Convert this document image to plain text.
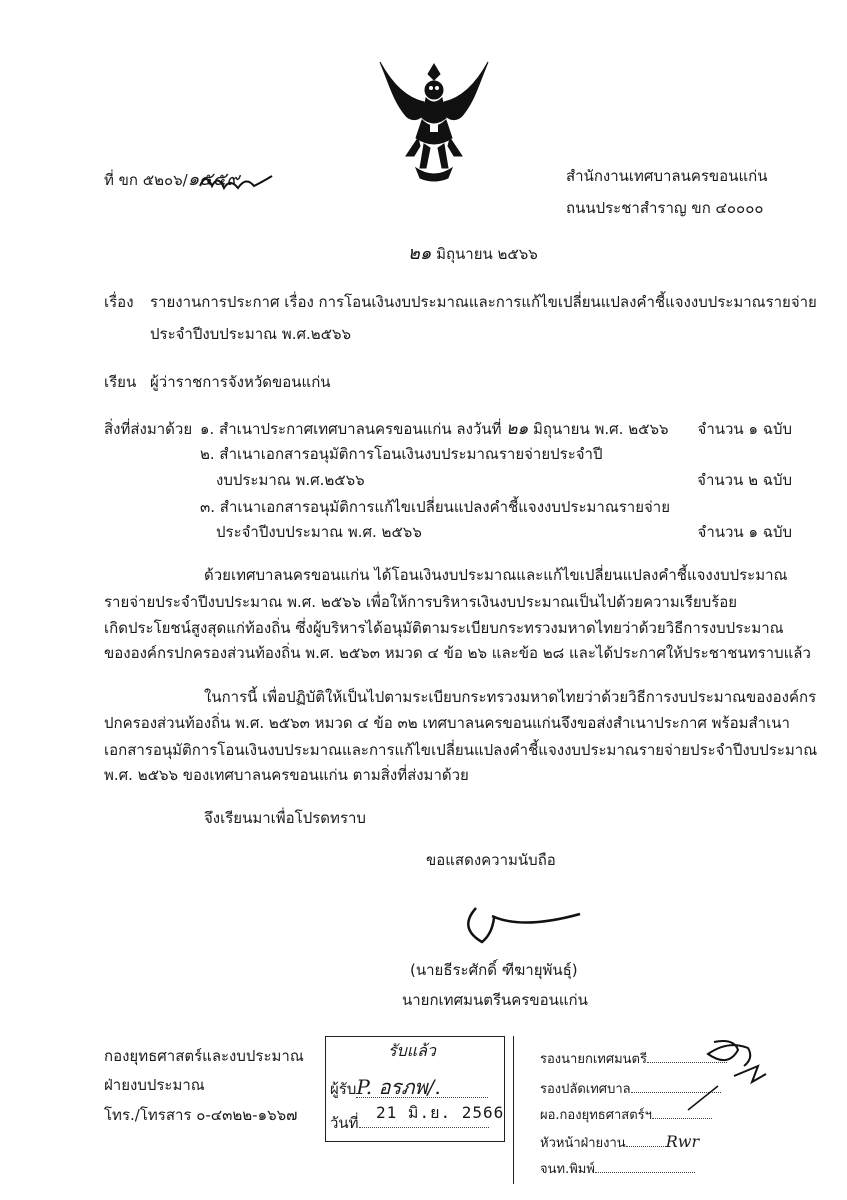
ที่ ขก ๕๒๐๖/๑๕๕๙	สำนักงานเทศบาลนครขอนแก่น
ถนนประชาสำราญ ขก ๔๐๐๐๐
๒๑ มิถุนายน ๒๕๖๖
เรื่อง รายงานการประกาศ เรื่อง การโอนเงินงบประมาณและการแก้ไขเปลี่ยนแปลงคำชี้แจงงบประมาณรายจ่าย
ประจำปีงบประมาณ พ.ศ.๒๕๖๖
เรียน ผู้ว่าราชการจังหวัดขอนแก่น
สิ่งที่ส่งมาด้วย ๑. สำเนาประกาศเทศบาลนครขอนแก่น ลงวันที่ ๒๑ มิถุนายน พ.ศ. ๒๕๖๖ จำนวน ๑ ฉบับ
๒. สำเนาเอกสารอนุมัติการโอนเงินงบประมาณรายจ่ายประจำปี
งบประมาณ พ.ศ.๒๕๖๖	จำนวน ๒ ฉบับ
๓. สำเนาเอกสารอนุมัติการแก้ไขเปลี่ยนแปลงคำชี้แจงงบประมาณรายจ่าย
ประจำปีงบประมาณ พ.ศ. ๒๕๖๖	จำนวน ๑ ฉบับ
ด้วยเทศบาลนครขอนแก่น ได้โอนเงินงบประมาณและแก้ไขเปลี่ยนแปลงคำชี้แจงงบประมาณ
รายจ่ายประจำปีงบประมาณ พ.ศ. ๒๕๖๖ เพื่อให้การบริหารเงินงบประมาณเป็นไปด้วยความเรียบร้อย
เกิดประโยชน์สูงสุดแก่ท้องถิ่น ซึ่งผู้บริหารได้อนุมัติตามระเบียบกระทรวงมหาดไทยว่าด้วยวิธีการงบประมาณ
ขององค์กรปกครองส่วนท้องถิ่น พ.ศ. ๒๕๖๓ หมวด ๔ ข้อ ๒๖ และข้อ ๒๘ และได้ประกาศให้ประชาชนทราบแล้ว
ในการนี้ เพื่อปฏิบัติให้เป็นไปตามระเบียบกระทรวงมหาดไทยว่าด้วยวิธีการงบประมาณขององค์กร
ปกครองส่วนท้องถิ่น พ.ศ. ๒๕๖๓ หมวด ๔ ข้อ ๓๒ เทศบาลนครขอนแก่นจึงขอส่งสำเนาประกาศ พร้อมสำเนา
เอกสารอนุมัติการโอนเงินงบประมาณและการแก้ไขเปลี่ยนแปลงคำชี้แจงงบประมาณรายจ่ายประจำปีงบประมาณ
พ.ศ. ๒๕๖๖ ของเทศบาลนครขอนแก่น ตามสิ่งที่ส่งมาด้วย
จึงเรียนมาเพื่อโปรดทราบ
ขอแสดงความนับถือ
(นายธีระศักดิ์ ฑีฆายุพันธุ์)
นายกเทศมนตรีนครขอนแก่น
กองยุทธศาสตร์และงบประมาณ
ฝ่ายงบประมาณ
โทร./โทรสาร ๐-๔๓๒๒-๑๖๖๗
รับแล้ว
ผู้รับP. อรภพ/.
วันที่
21 มิ.ย. 2566
รองนายกเทศมนตรี
รองปลัดเทศบาล
ผอ.กองยุทธศาสตร์ฯ
หัวหน้าฝ่ายงาน	Rwr
จนท.พิมพ์
